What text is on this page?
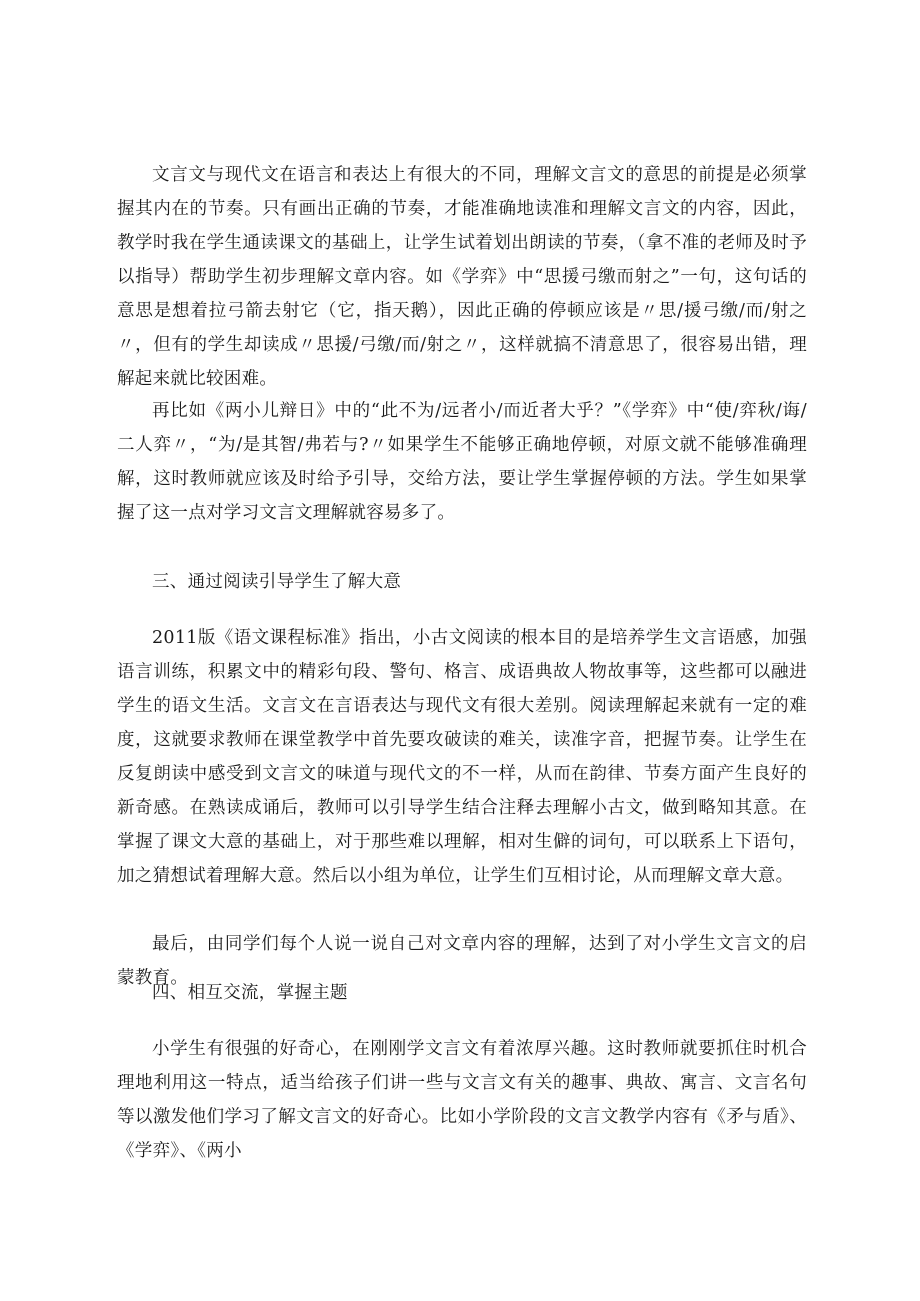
文言文与现代文在语言和表达上有很大的不同，理解文言文的意思的前提是必须掌握其内在的节奏。只有画出正确的节奏，才能准确地读准和理解文言文的内容，因此，教学时我在学生通读课文的基础上，让学生试着划出朗读的节奏，（拿不准的老师及时予以指导）帮助学生初步理解文章内容。如《学弈》中“思援弓缴而射之”一句，这句话的意思是想着拉弓箭去射它（它，指天鹅），因此正确的停顿应该是〃思/援弓缴/而/射之〃，但有的学生却读成〃思援/弓缴/而/射之〃，这样就搞不清意思了，很容易出错，理解起来就比较困难。

再比如《两小儿辩日》中的“此不为/远者小/而近者大乎？”《学弈》中“使/弈秋/诲/二人弈〃，“为/是其智/弗若与?〃如果学生不能够正确地停顿，对原文就不能够准确理解，这时教师就应该及时给予引导，交给方法，要让学生掌握停顿的方法。学生如果掌握了这一点对学习文言文理解就容易多了。

三、通过阅读引导学生了解大意

2011版《语文课程标准》指出，小古文阅读的根本目的是培养学生文言语感，加强语言训练，积累文中的精彩句段、警句、格言、成语典故人物故事等，这些都可以融进学生的语文生活。文言文在言语表达与现代文有很大差别。阅读理解起来就有一定的难度，这就要求教师在课堂教学中首先要攻破读的难关，读准字音，把握节奏。让学生在反复朗读中感受到文言文的味道与现代文的不一样，从而在韵律、节奏方面产生良好的新奇感。在熟读成诵后，教师可以引导学生结合注释去理解小古文，做到略知其意。在掌握了课文大意的基础上，对于那些难以理解，相对生僻的词句，可以联系上下语句，加之猜想试着理解大意。然后以小组为单位，让学生们互相讨论，从而理解文章大意。

最后，由同学们每个人说一说自己对文章内容的理解，达到了对小学生文言文的启蒙教育。

四、相互交流，掌握主题

小学生有很强的好奇心，在刚刚学文言文有着浓厚兴趣。这时教师就要抓住时机合理地利用这一特点，适当给孩子们讲一些与文言文有关的趣事、典故、寓言、文言名句等以激发他们学习了解文言文的好奇心。比如小学阶段的文言文教学内容有《矛与盾》、《学弈》、《两小
